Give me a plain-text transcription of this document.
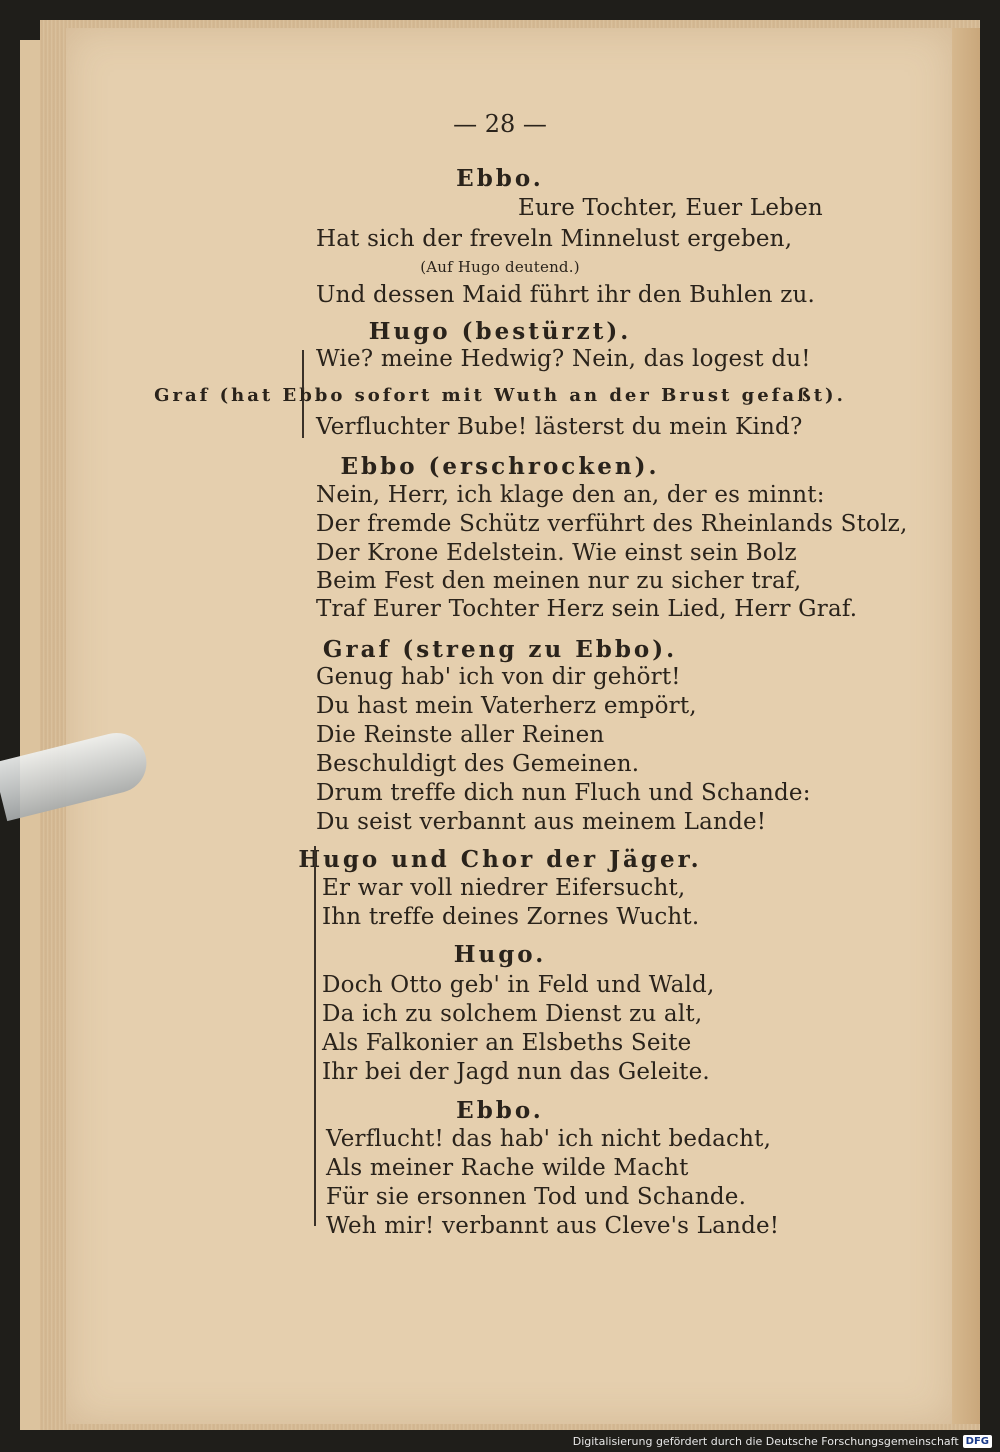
— 28 —
Ebbo.
Eure Tochter, Euer Leben
Hat sich der freveln Minnelust ergeben,
(Auf Hugo deutend.)
Und dessen Maid führt ihr den Buhlen zu.
Hugo (bestürzt).
Wie? meine Hedwig? Nein, das logest du!
Graf (hat Ebbo sofort mit Wuth an der Brust gefaßt).
Verfluchter Bube! lästerst du mein Kind?
Ebbo (erschrocken).
Nein, Herr, ich klage den an, der es minnt:
Der fremde Schütz verführt des Rheinlands Stolz,
Der Krone Edelstein. Wie einst sein Bolz
Beim Fest den meinen nur zu sicher traf,
Traf Eurer Tochter Herz sein Lied, Herr Graf.
Graf (streng zu Ebbo).
Genug hab' ich von dir gehört!
Du hast mein Vaterherz empört,
Die Reinste aller Reinen
Beschuldigt des Gemeinen.
Drum treffe dich nun Fluch und Schande:
Du seist verbannt aus meinem Lande!
Hugo und Chor der Jäger.
Er war voll niedrer Eifersucht,
Ihn treffe deines Zornes Wucht.
Hugo.
Doch Otto geb' in Feld und Wald,
Da ich zu solchem Dienst zu alt,
Als Falkonier an Elsbeths Seite
Ihr bei der Jagd nun das Geleite.
Ebbo.
Verflucht! das hab' ich nicht bedacht,
Als meiner Rache wilde Macht
Für sie ersonnen Tod und Schande.
Weh mir! verbannt aus Cleve's Lande!
Digitalisierung gefördert durch die Deutsche Forschungsgemeinschaft DFG
